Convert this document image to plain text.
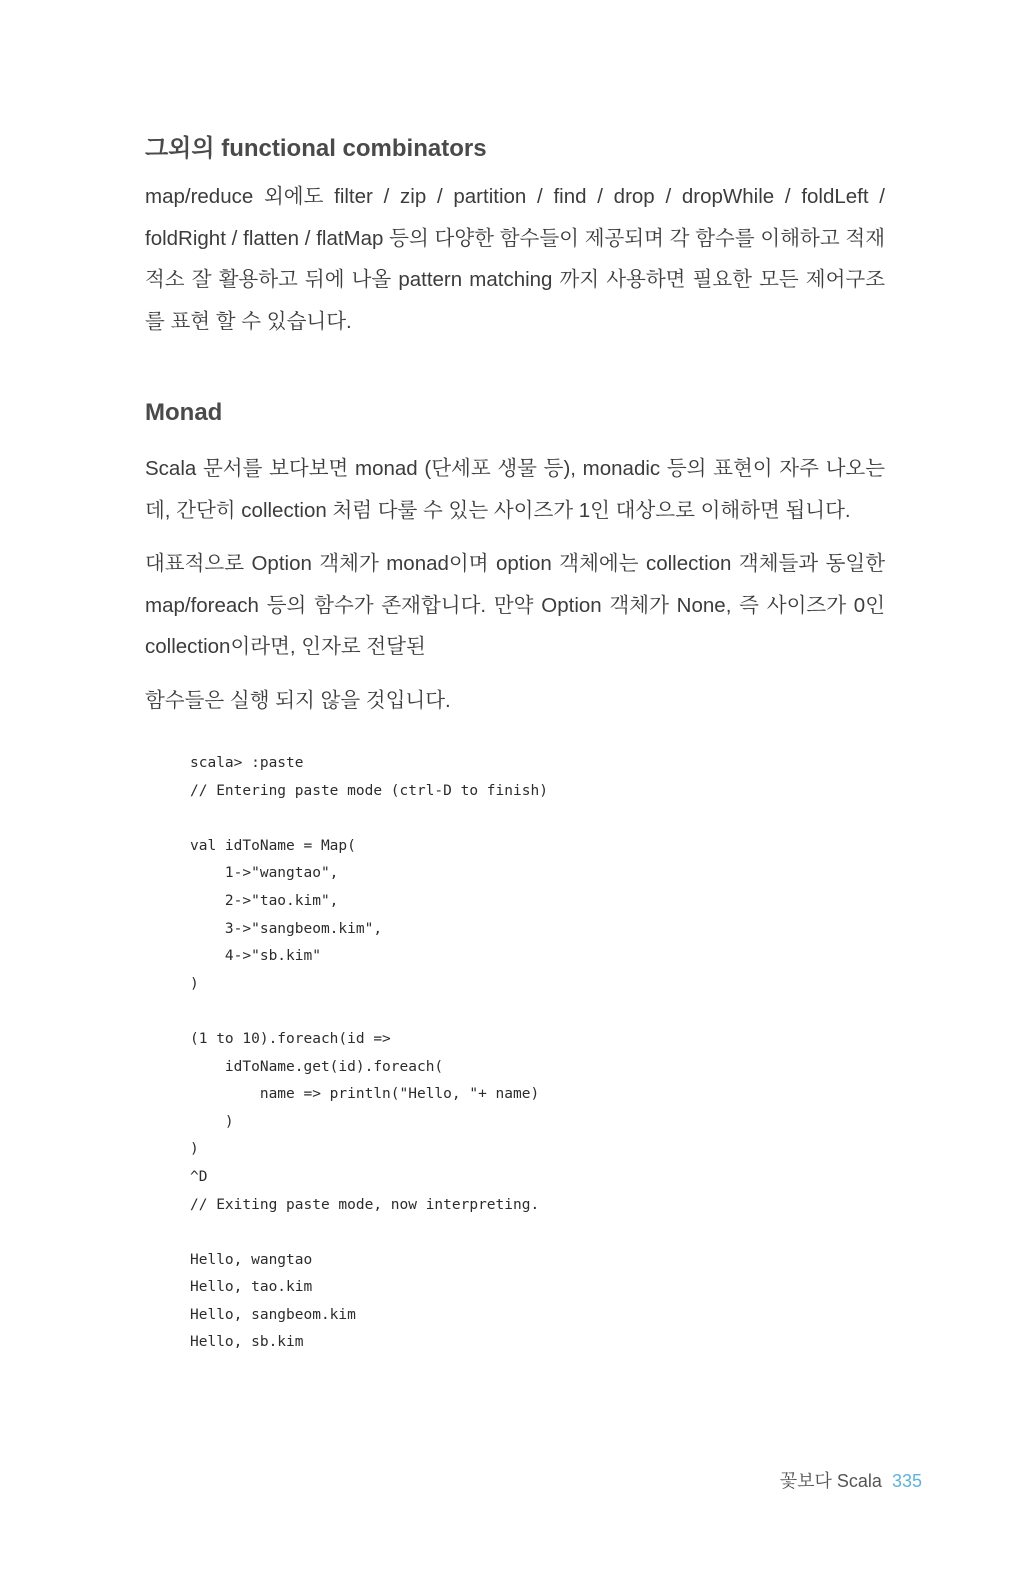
그외의 functional combinators

map/reduce 외에도 filter / zip / partition / find / drop / dropWhile / foldLeft / foldRight / flatten / flatMap 등의 다양한 함수들이 제공되며 각 함수를 이해하고 적재적소 잘 활용하고 뒤에 나올 pattern matching 까지 사용하면 필요한 모든 제어구조를 표현 할 수 있습니다.

Monad

Scala 문서를 보다보면 monad (단세포 생물 등), monadic 등의 표현이 자주 나오는데, 간단히 collection 처럼 다룰 수 있는 사이즈가 1인 대상으로 이해하면 됩니다.

대표적으로 Option 객체가 monad이며 option 객체에는 collection 객체들과 동일한 map/foreach 등의 함수가 존재합니다. 만약 Option 객체가 None, 즉 사이즈가 0인 collection이라면, 인자로 전달된

함수들은 실행 되지 않을 것입니다.

scala> :paste
// Entering paste mode (ctrl-D to finish)
val idToName = Map(
1->"wangtao",
2->"tao.kim",
3->"sangbeom.kim",
4->"sb.kim"
)
(1 to 10).foreach(id =>
idToName.get(id).foreach(
name => println("Hello, "+ name)
)
)
^D
// Exiting paste mode, now interpreting.
Hello, wangtao
Hello, tao.kim
Hello, sangbeom.kim
Hello, sb.kim
꽃보다 Scala 335
